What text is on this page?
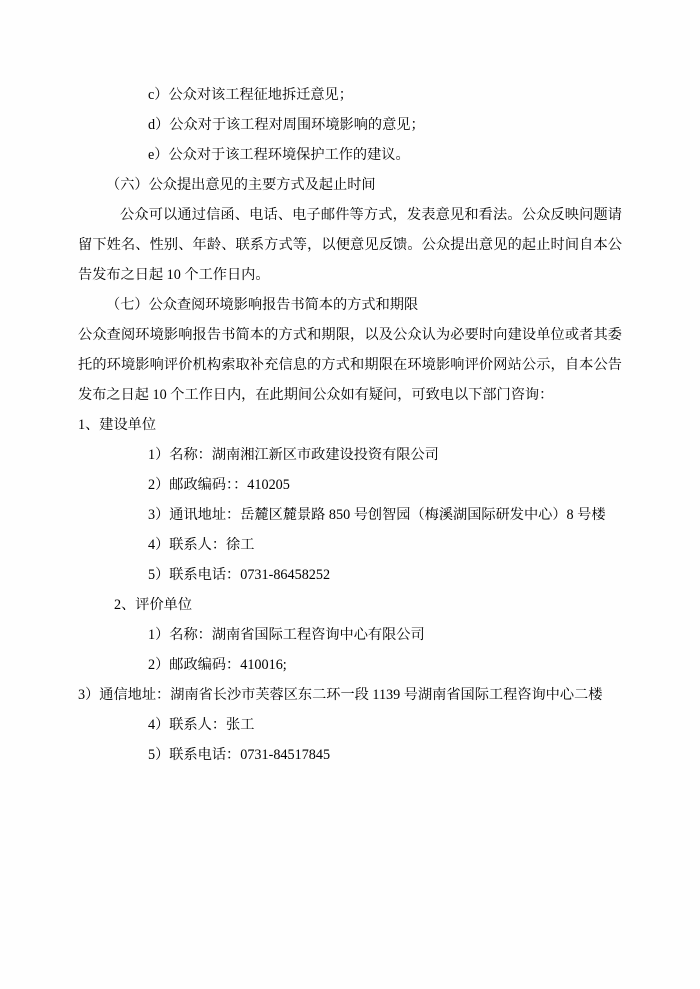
c）公众对该工程征地拆迁意见；

d）公众对于该工程对周围环境影响的意见；

e）公众对于该工程环境保护工作的建议。

（六）公众提出意见的主要方式及起止时间

公众可以通过信函、电话、电子邮件等方式，发表意见和看法。公众反映问题请留下姓名、性别、年龄、联系方式等，以便意见反馈。公众提出意见的起止时间自本公告发布之日起 10 个工作日内。

（七）公众查阅环境影响报告书简本的方式和期限

公众查阅环境影响报告书简本的方式和期限，以及公众认为必要时向建设单位或者其委托的环境影响评价机构索取补充信息的方式和期限在环境影响评价网站公示，自本公告发布之日起 10 个工作日内，在此期间公众如有疑问，可致电以下部门咨询：

1、建设单位

1）名称：湖南湘江新区市政建设投资有限公司

2）邮政编码：：410205

3）通讯地址：岳麓区麓景路 850 号创智园（梅溪湖国际研发中心）8 号楼

4）联系人：徐工

5）联系电话：0731-86458252

2、评价单位

1）名称：湖南省国际工程咨询中心有限公司

2）邮政编码：410016;

3）通信地址：湖南省长沙市芙蓉区东二环一段 1139 号湖南省国际工程咨询中心二楼

4）联系人：张工

5）联系电话：0731-84517845
